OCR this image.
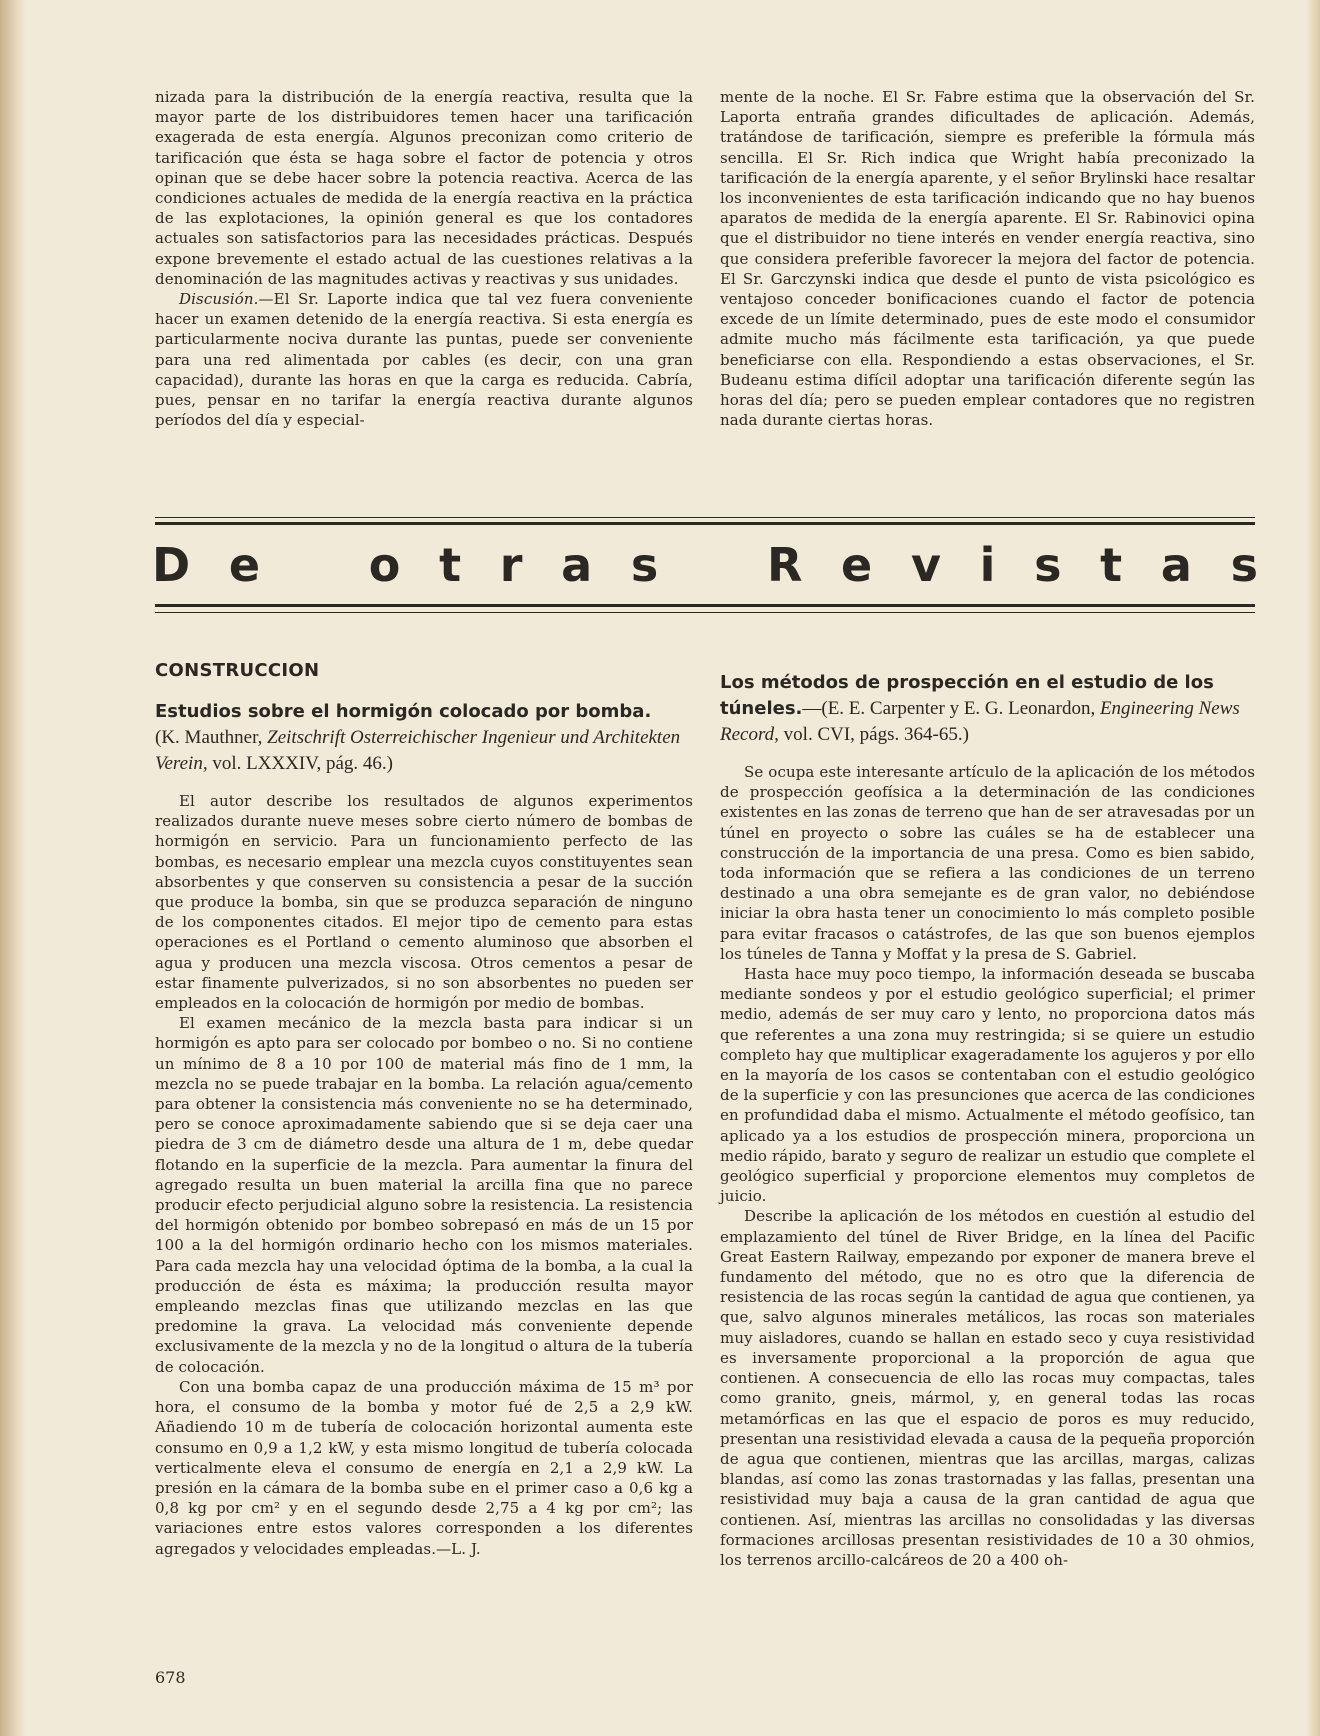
nizada para la distribución de la energía reactiva, resulta que la mayor parte de los distribuidores temen hacer una tarificación exagerada de esta energía. Algunos preconizan como criterio de tarificación que ésta se haga sobre el factor de potencia y otros opinan que se debe hacer sobre la potencia reactiva. Acerca de las condiciones actuales de medida de la energía reactiva en la práctica de las explotaciones, la opinión general es que los contadores actuales son satisfactorios para las necesidades prácticas. Después expone brevemente el estado actual de las cuestiones relativas a la denominación de las magnitudes activas y reactivas y sus unidades.

Discusión.—El Sr. Laporte indica que tal vez fuera conveniente hacer un examen detenido de la energía reactiva. Si esta energía es particularmente nociva durante las puntas, puede ser conveniente para una red alimentada por cables (es decir, con una gran capacidad), durante las horas en que la carga es reducida. Cabría, pues, pensar en no tarifar la energía reactiva durante algunos períodos del día y especial-

mente de la noche. El Sr. Fabre estima que la observación del Sr. Laporta entraña grandes dificultades de aplicación. Además, tratándose de tarificación, siempre es preferible la fórmula más sencilla. El Sr. Rich indica que Wright había preconizado la tarificación de la energía aparente, y el señor Brylinski hace resaltar los inconvenientes de esta tarificación indicando que no hay buenos aparatos de medida de la energía aparente. El Sr. Rabinovici opina que el distribuidor no tiene interés en vender energía reactiva, sino que considera preferible favorecer la mejora del factor de potencia. El Sr. Garczynski indica que desde el punto de vista psicológico es ventajoso conceder bonificaciones cuando el factor de potencia excede de un límite determinado, pues de este modo el consumidor admite mucho más fácilmente esta tarificación, ya que puede beneficiarse con ella. Respondiendo a estas observaciones, el Sr. Budeanu estima difícil adoptar una tarificación diferente según las horas del día; pero se pueden emplear contadores que no registren nada durante ciertas horas.

D e o t r a s R e v i s t a s
CONSTRUCCION
Estudios sobre el hormigón colocado por bomba.
(K. Mauthner, Zeitschrift Osterreichischer Ingenieur und Architekten Verein, vol. LXXXIV, pág. 46.)

El autor describe los resultados de algunos experimentos realizados durante nueve meses sobre cierto número de bombas de hormigón en servicio. Para un funcionamiento perfecto de las bombas, es necesario emplear una mezcla cuyos constituyentes sean absorbentes y que conserven su consistencia a pesar de la succión que produce la bomba, sin que se produzca separación de ninguno de los componentes citados. El mejor tipo de cemento para estas operaciones es el Portland o cemento aluminoso que absorben el agua y producen una mezcla viscosa. Otros cementos a pesar de estar finamente pulverizados, si no son absorbentes no pueden ser empleados en la colocación de hormigón por medio de bombas.

El examen mecánico de la mezcla basta para indicar si un hormigón es apto para ser colocado por bombeo o no. Si no contiene un mínimo de 8 a 10 por 100 de material más fino de 1 mm, la mezcla no se puede trabajar en la bomba. La relación agua/cemento para obtener la consistencia más conveniente no se ha determinado, pero se conoce aproximadamente sabiendo que si se deja caer una piedra de 3 cm de diámetro desde una altura de 1 m, debe quedar flotando en la superficie de la mezcla. Para aumentar la finura del agregado resulta un buen material la arcilla fina que no parece producir efecto perjudicial alguno sobre la resistencia. La resistencia del hormigón obtenido por bombeo sobrepasó en más de un 15 por 100 a la del hormigón ordinario hecho con los mismos materiales. Para cada mezcla hay una velocidad óptima de la bomba, a la cual la producción de ésta es máxima; la producción resulta mayor empleando mezclas finas que utilizando mezclas en las que predomine la grava. La velocidad más conveniente depende exclusivamente de la mezcla y no de la longitud o altura de la tubería de colocación.

Con una bomba capaz de una producción máxima de 15 m³ por hora, el consumo de la bomba y motor fué de 2,5 a 2,9 kW. Añadiendo 10 m de tubería de colocación horizontal aumenta este consumo en 0,9 a 1,2 kW, y esta mismo longitud de tubería colocada verticalmente eleva el consumo de energía en 2,1 a 2,9 kW. La presión en la cámara de la bomba sube en el primer caso a 0,6 kg a 0,8 kg por cm² y en el segundo desde 2,75 a 4 kg por cm²; las variaciones entre estos valores corresponden a los diferentes agregados y velocidades empleadas.—L. J.

Los métodos de prospección en el estudio de los túneles.—(E. E. Carpenter y E. G. Leonardon, Engineering News Record, vol. CVI, págs. 364-65.)

Se ocupa este interesante artículo de la aplicación de los métodos de prospección geofísica a la determinación de las condiciones existentes en las zonas de terreno que han de ser atravesadas por un túnel en proyecto o sobre las cuáles se ha de establecer una construcción de la importancia de una presa. Como es bien sabido, toda información que se refiera a las condiciones de un terreno destinado a una obra semejante es de gran valor, no debiéndose iniciar la obra hasta tener un conocimiento lo más completo posible para evitar fracasos o catástrofes, de las que son buenos ejemplos los túneles de Tanna y Moffat y la presa de S. Gabriel.

Hasta hace muy poco tiempo, la información deseada se buscaba mediante sondeos y por el estudio geológico superficial; el primer medio, además de ser muy caro y lento, no proporciona datos más que referentes a una zona muy restringida; si se quiere un estudio completo hay que multiplicar exageradamente los agujeros y por ello en la mayoría de los casos se contentaban con el estudio geológico de la superficie y con las presunciones que acerca de las condiciones en profundidad daba el mismo. Actualmente el método geofísico, tan aplicado ya a los estudios de prospección minera, proporciona un medio rápido, barato y seguro de realizar un estudio que complete el geológico superficial y proporcione elementos muy completos de juicio.

Describe la aplicación de los métodos en cuestión al estudio del emplazamiento del túnel de River Bridge, en la línea del Pacific Great Eastern Railway, empezando por exponer de manera breve el fundamento del método, que no es otro que la diferencia de resistencia de las rocas según la cantidad de agua que contienen, ya que, salvo algunos minerales metálicos, las rocas son materiales muy aisladores, cuando se hallan en estado seco y cuya resistividad es inversamente proporcional a la proporción de agua que contienen. A consecuencia de ello las rocas muy compactas, tales como granito, gneis, mármol, y, en general todas las rocas metamórficas en las que el espacio de poros es muy reducido, presentan una resistividad elevada a causa de la pequeña proporción de agua que contienen, mientras que las arcillas, margas, calizas blandas, así como las zonas trastornadas y las fallas, presentan una resistividad muy baja a causa de la gran cantidad de agua que contienen. Así, mientras las arcillas no consolidadas y las diversas formaciones arcillosas presentan resistividades de 10 a 30 ohmios, los terrenos arcillo-calcáreos de 20 a 400 oh-

678
